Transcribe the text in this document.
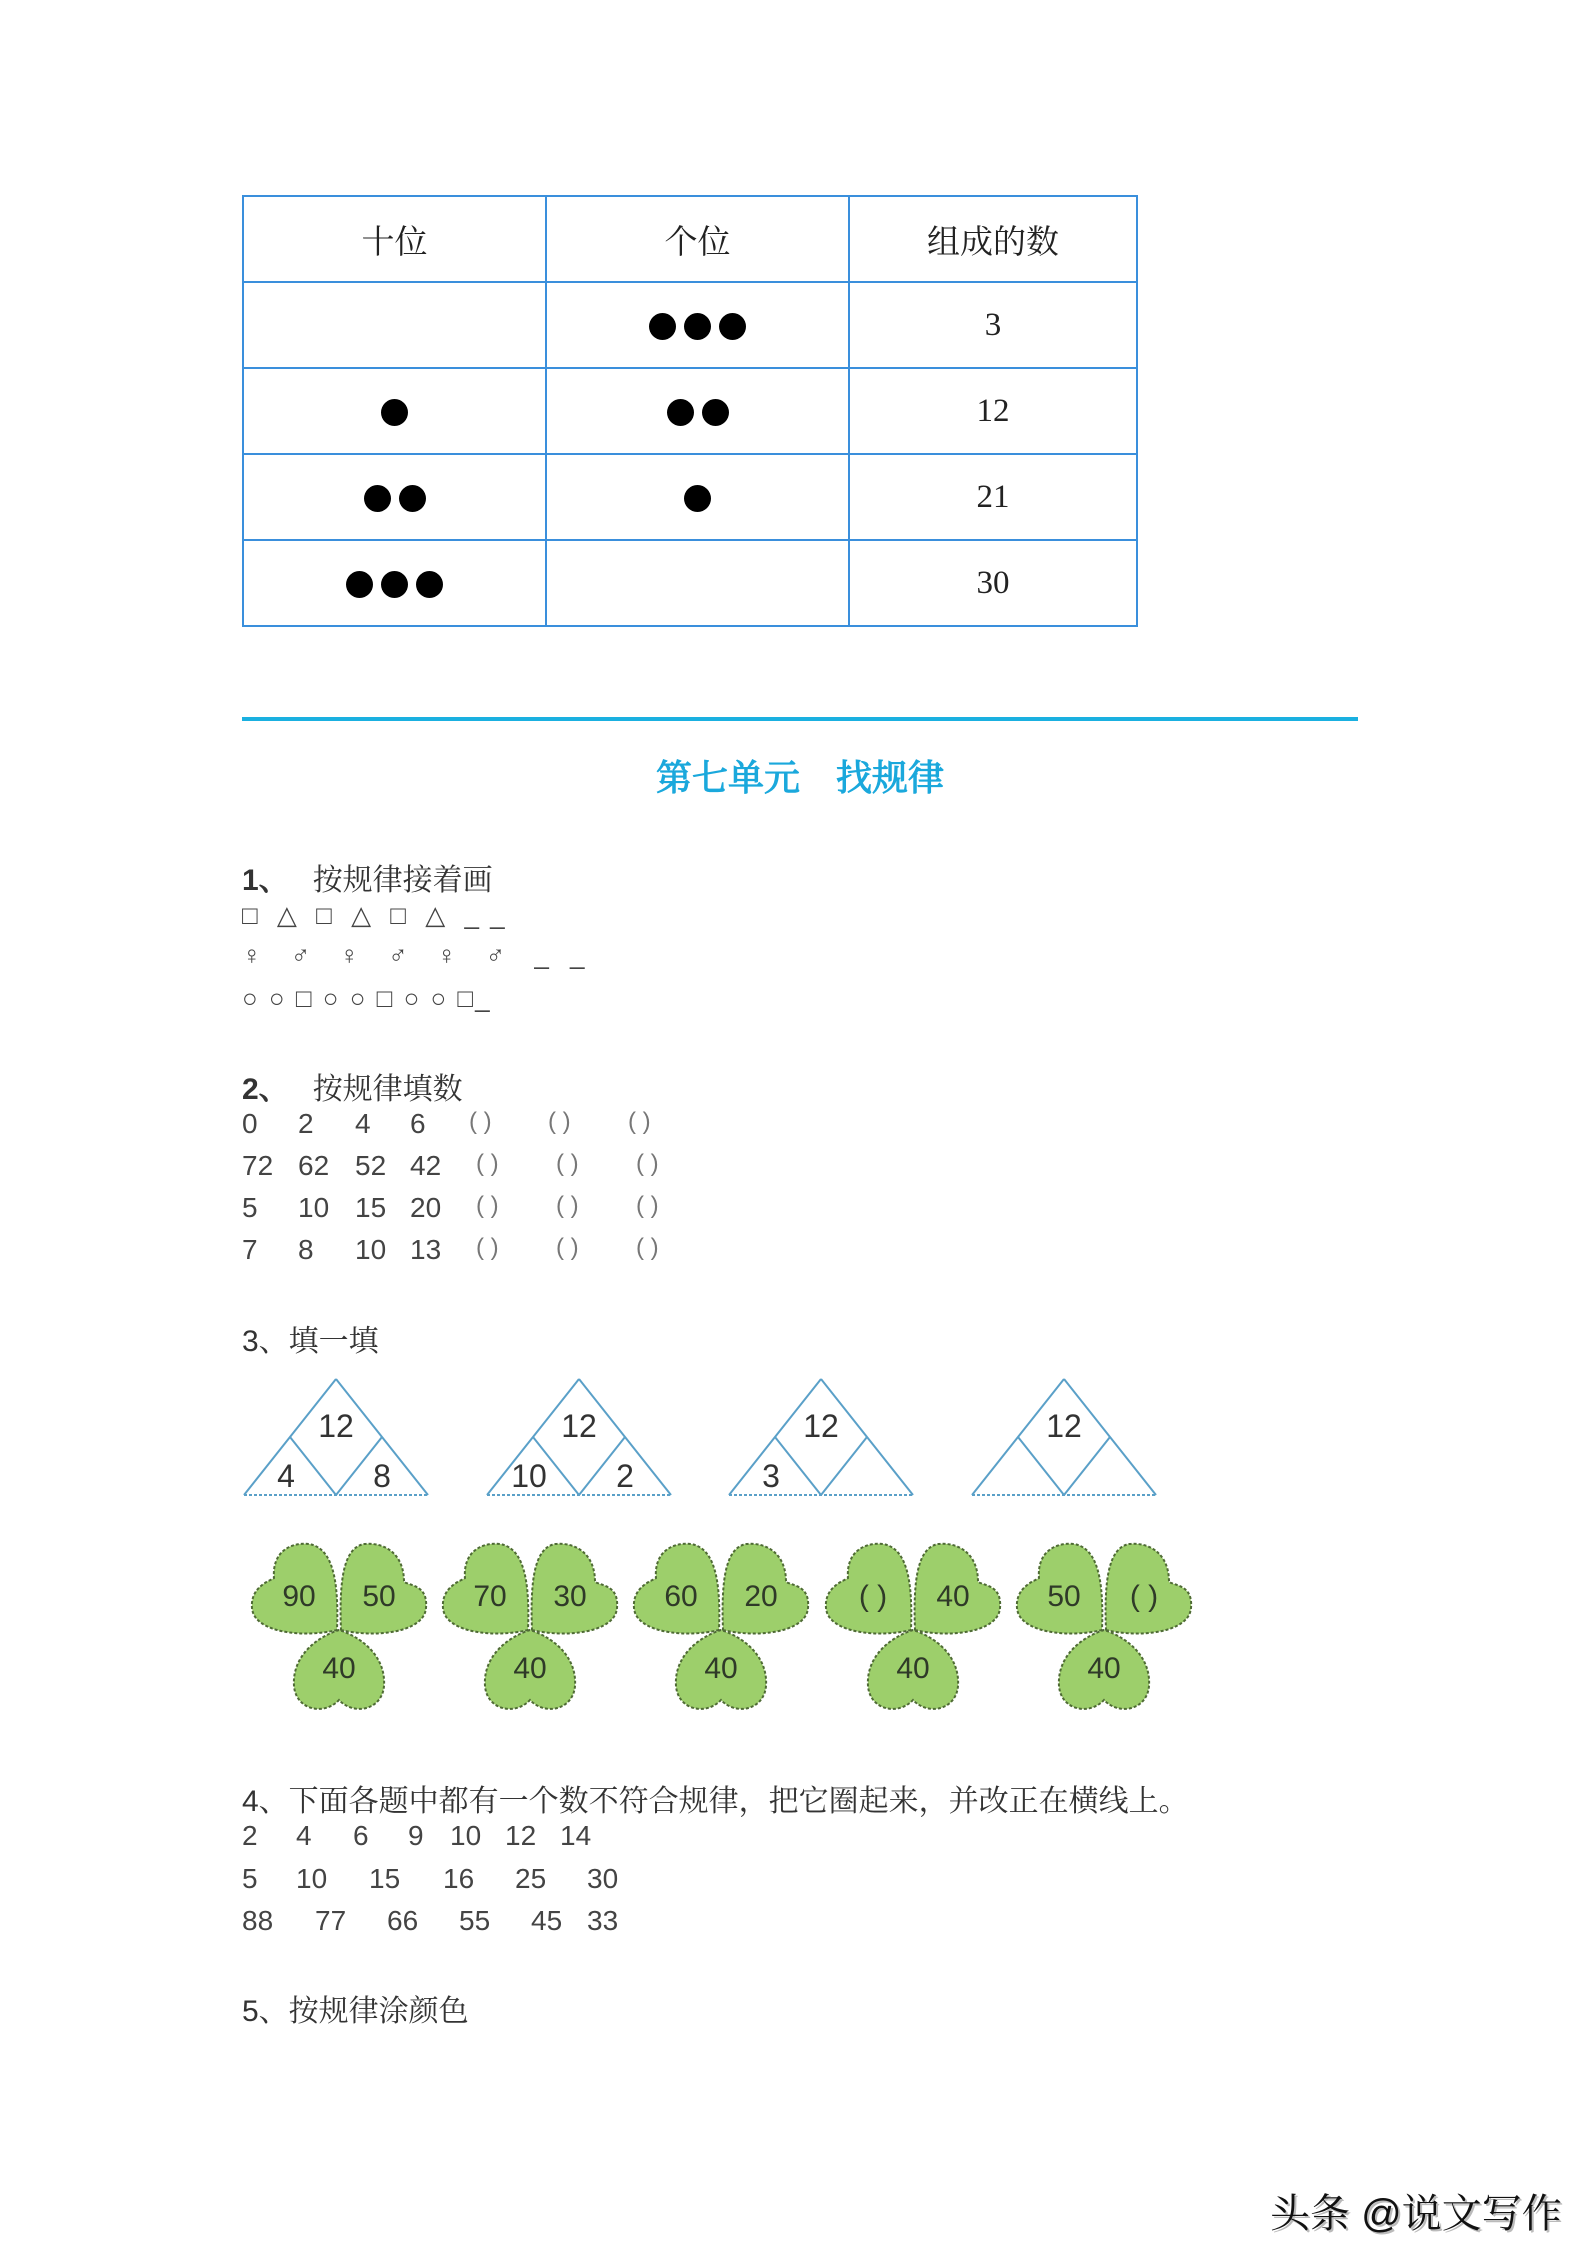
十位	个位	组成的数
		3
		12
		21
		30
第七单元　找规律
1、 按规律接着画
□ △ □ △ □ △ _ _
♀ ♂ ♀ ♂ ♀ ♂ _ _
○ ○ □ ○ ○ □ ○ ○ □_
2、 按规律填数
0 2 4 6 ( ) ( ) ( )
72 62 52 42 ( ) ( ) ( )
5 10 15 20 ( ) ( ) ( )
7 8 10 13 ( ) ( ) ( )
3、填一填
12
4 8
12
10 2
12
3
12
90 50
40
70 30
40
60 20
40
( ) 40
40
50 ( )
40
4、下面各题中都有一个数不符合规律，把它圈起来，并改正在横线上。
2 4 6 9 10 12 14
5 10 15 16 25 30
88 77 66 55 45 33
5、按规律涂颜色
头条 @说文写作
